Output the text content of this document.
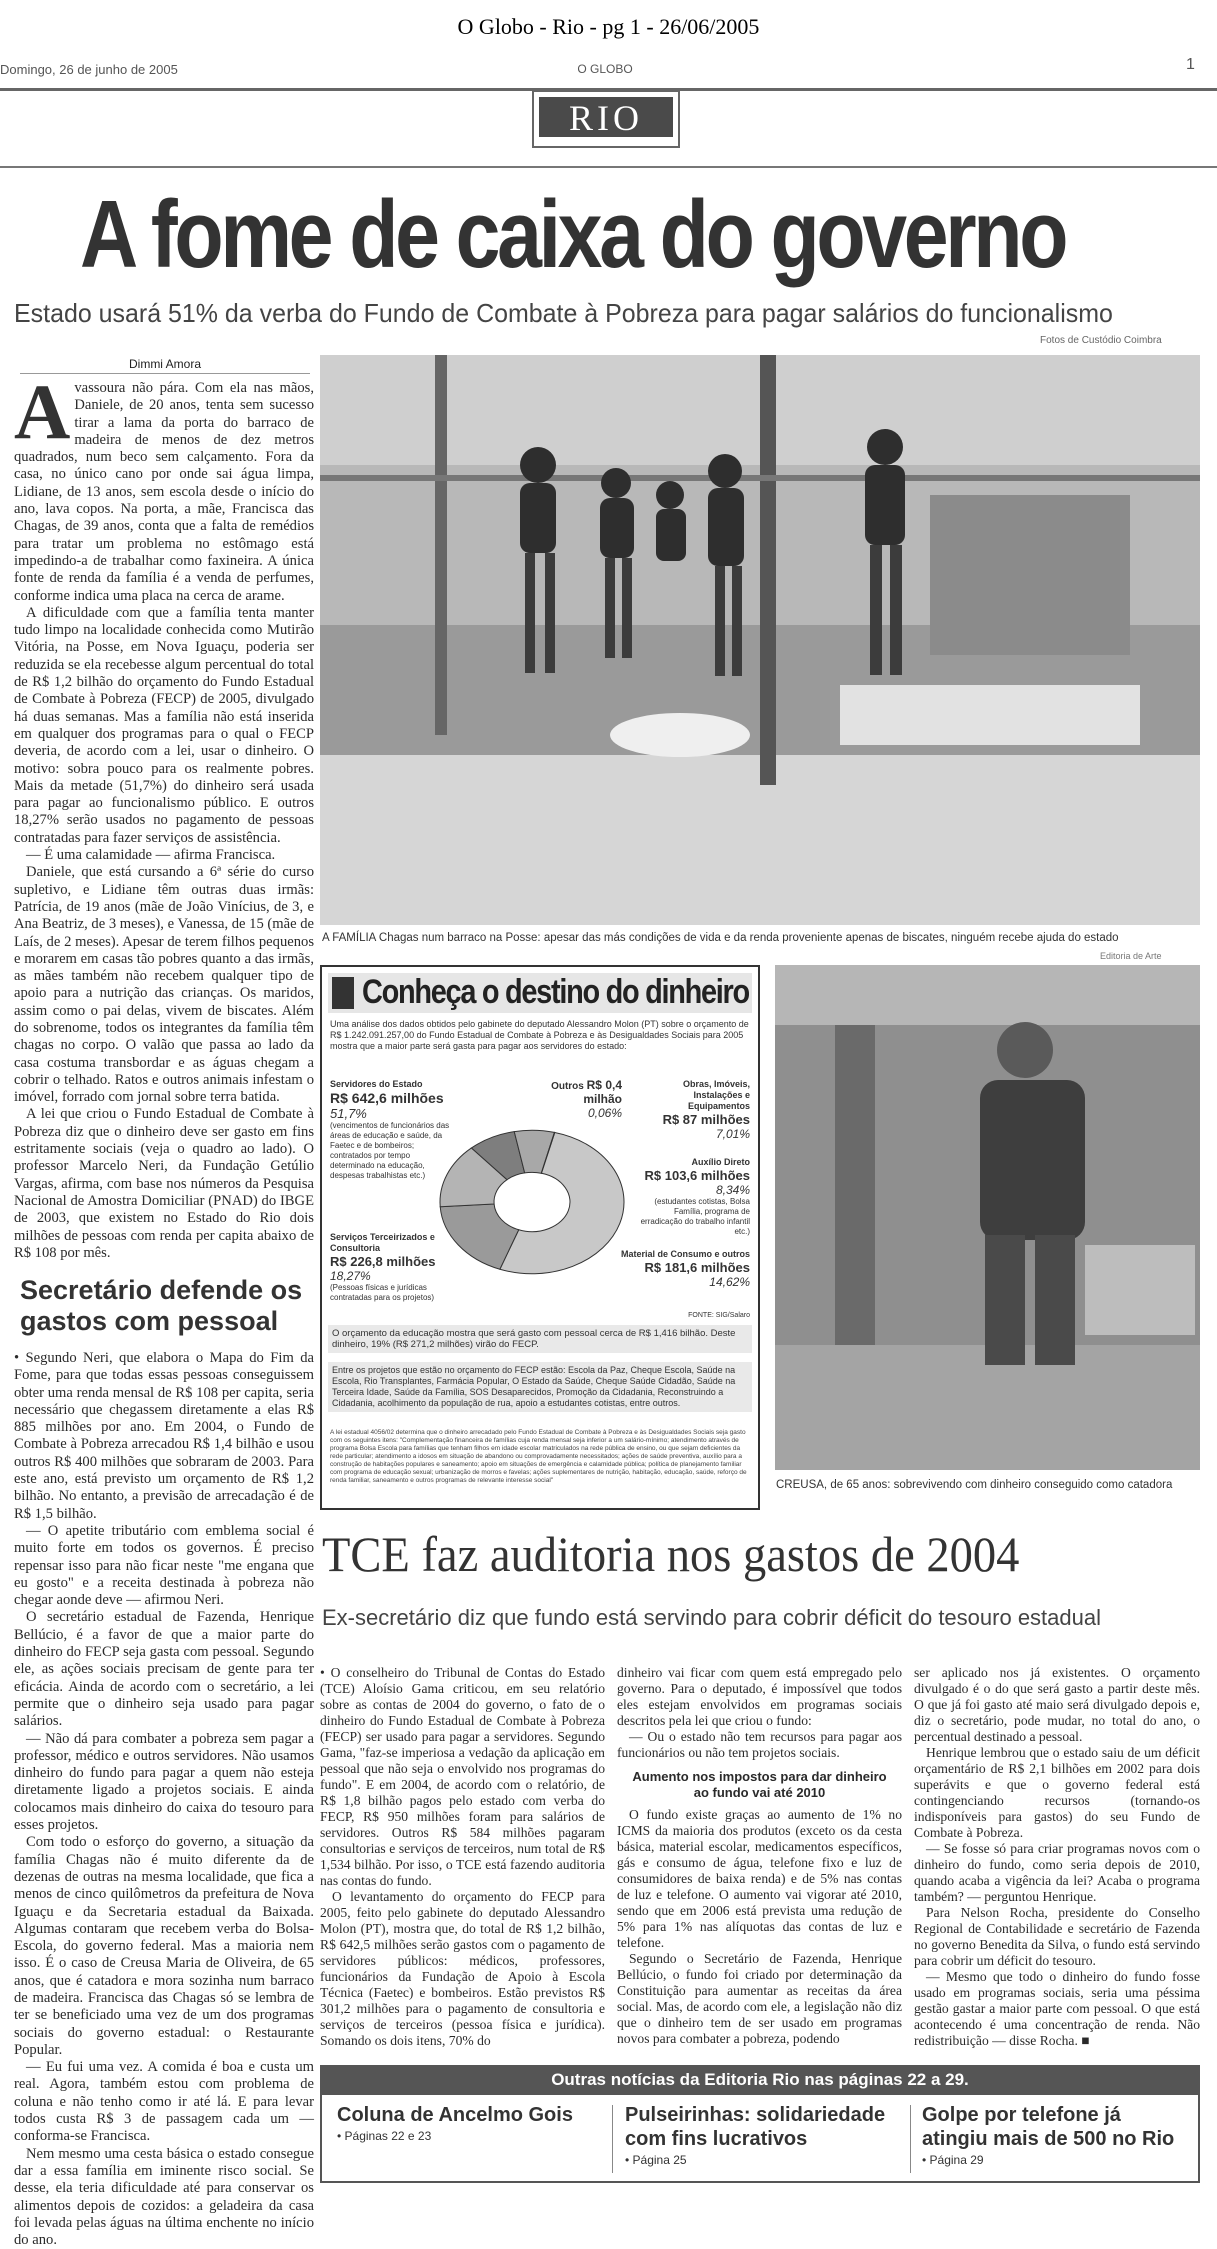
O Globo - Rio - pg 1 - 26/06/2005
Domingo, 26 de junho de 2005	O GLOBO	1
RIO
A fome de caixa do governo
Estado usará 51% da verba do Fundo de Combate à Pobreza para pagar salários do funcionalismo
Fotos de Custódio Coimbra
Dimmi Amora
A vassoura não pára. Com ela nas mãos, Daniele, de 20 anos, tenta sem sucesso tirar a lama da porta do barraco de madeira de menos de dez metros quadrados, num beco sem calçamento. Fora da casa, no único cano por onde sai água limpa, Lidiane, de 13 anos, sem escola desde o início do ano, lava copos. Na porta, a mãe, Francisca das Chagas, de 39 anos, conta que a falta de remédios para tratar um problema no estômago está impedindo-a de trabalhar como faxineira. A única fonte de renda da família é a venda de perfumes, conforme indica uma placa na cerca de arame.

A dificuldade com que a família tenta manter tudo limpo na localidade conhecida como Mutirão Vitória, na Posse, em Nova Iguaçu, poderia ser reduzida se ela recebesse algum percentual do total de R$ 1,2 bilhão do orçamento do Fundo Estadual de Combate à Pobreza (FECP) de 2005, divulgado há duas semanas. Mas a família não está inserida em qualquer dos programas para o qual o FECP deveria, de acordo com a lei, usar o dinheiro. O motivo: sobra pouco para os realmente pobres. Mais da metade (51,7%) do dinheiro será usada para pagar ao funcionalismo público. E outros 18,27% serão usados no pagamento de pessoas contratadas para fazer serviços de assistência.

— É uma calamidade — afirma Francisca.

Daniele, que está cursando a 6ª série do curso supletivo, e Lidiane têm outras duas irmãs: Patrícia, de 19 anos (mãe de João Vinícius, de 3, e Ana Beatriz, de 3 meses), e Vanessa, de 15 (mãe de Laís, de 2 meses). Apesar de terem filhos pequenos e morarem em casas tão pobres quanto a das irmãs, as mães também não recebem qualquer tipo de apoio para a nutrição das crianças. Os maridos, assim como o pai delas, vivem de biscates. Além do sobrenome, todos os integrantes da família têm chagas no corpo. O valão que passa ao lado da casa costuma transbordar e as águas chegam a cobrir o telhado. Ratos e outros animais infestam o imóvel, forrado com jornal sobre terra batida.

A lei que criou o Fundo Estadual de Combate à Pobreza diz que o dinheiro deve ser gasto em fins estritamente sociais (veja o quadro ao lado). O professor Marcelo Neri, da Fundação Getúlio Vargas, afirma, com base nos números da Pesquisa Nacional de Amostra Domiciliar (PNAD) do IBGE de 2003, que existem no Estado do Rio dois milhões de pessoas com renda per capita abaixo de R$ 108 por mês.

Secretário defende os gastos com pessoal

• Segundo Neri, que elabora o Mapa do Fim da Fome, para que todas essas pessoas conseguissem obter uma renda mensal de R$ 108 per capita, seria necessário que chegassem diretamente a elas R$ 885 milhões por ano. Em 2004, o Fundo de Combate à Pobreza arrecadou R$ 1,4 bilhão e usou outros R$ 400 milhões que sobraram de 2003. Para este ano, está previsto um orçamento de R$ 1,2 bilhão. No entanto, a previsão de arrecadação é de R$ 1,5 bilhão.

— O apetite tributário com emblema social é muito forte em todos os governos. É preciso repensar isso para não ficar neste "me engana que eu gosto" e a receita destinada à pobreza não chegar aonde deve — afirmou Neri.

O secretário estadual de Fazenda, Henrique Bellúcio, é a favor de que a maior parte do dinheiro do FECP seja gasta com pessoal. Segundo ele, as ações sociais precisam de gente para ter eficácia. Ainda de acordo com o secretário, a lei permite que o dinheiro seja usado para pagar salários.

— Não dá para combater a pobreza sem pagar a professor, médico e outros servidores. Não usamos dinheiro do fundo para pagar a quem não esteja diretamente ligado a projetos sociais. E ainda colocamos mais dinheiro do caixa do tesouro para esses projetos.

Com todo o esforço do governo, a situação da família Chagas não é muito diferente da de dezenas de outras na mesma localidade, que fica a menos de cinco quilômetros da prefeitura de Nova Iguaçu e da Secretaria estadual da Baixada. Algumas contaram que recebem verba do Bolsa-Escola, do governo federal. Mas a maioria nem isso. É o caso de Creusa Maria de Oliveira, de 65 anos, que é catadora e mora sozinha num barraco de madeira. Francisca das Chagas só se lembra de ter se beneficiado uma vez de um dos programas sociais do governo estadual: o Restaurante Popular.

— Eu fui uma vez. A comida é boa e custa um real. Agora, também estou com problema de coluna e não tenho como ir até lá. E para levar todos custa R$ 3 de passagem cada um — conforma-se Francisca.

Nem mesmo uma cesta básica o estado consegue dar a essa família em iminente risco social. Se desse, ela teria dificuldade até para conservar os alimentos depois de cozidos: a geladeira da casa foi levada pelas águas na última enchente no início do ano.

A FAMÍLIA Chagas num barraco na Posse: apesar das más condições de vida e da renda proveniente apenas de biscates, ninguém recebe ajuda do estado
Conheça o destino do dinheiro
Uma análise dos dados obtidos pelo gabinete do deputado Alessandro Molon (PT) sobre o orçamento de R$ 1.242.091.257,00 do Fundo Estadual de Combate à Pobreza e às Desigualdades Sociais para 2005 mostra que a maior parte será gasta para pagar aos servidores do estado:
Servidores do Estado
R$ 642,6 milhões
51,7%
(vencimentos de funcionários das áreas de educação e saúde, da Faetec e de bombeiros; contratados por tempo determinado na educação, despesas trabalhistas etc.)
Outros R$ 0,4 milhão
0,06%
Obras, Imóveis, Instalações e Equipamentos
R$ 87 milhões
7,01%
Auxílio Direto
R$ 103,6 milhões
8,34%
(estudantes cotistas, Bolsa Família, programa de erradicação do trabalho infantil etc.)
Serviços Terceirizados e Consultoria
R$ 226,8 milhões
18,27%
(Pessoas físicas e jurídicas contratadas para os projetos)
Material de Consumo e outros
R$ 181,6 milhões
14,62%
FONTE: SIG/Salaro
O orçamento da educação mostra que será gasto com pessoal cerca de R$ 1,416 bilhão. Deste dinheiro, 19% (R$ 271,2 milhões) virão do FECP.
Entre os projetos que estão no orçamento do FECP estão: Escola da Paz, Cheque Escola, Saúde na Escola, Rio Transplantes, Farmácia Popular, O Estado da Saúde, Cheque Saúde Cidadão, Saúde na Terceira Idade, Saúde da Família, SOS Desaparecidos, Promoção da Cidadania, Reconstruindo a Cidadania, acolhimento da população de rua, apoio a estudantes cotistas, entre outros.
A lei estadual 4056/02 determina que o dinheiro arrecadado pelo Fundo Estadual de Combate à Pobreza e às Desigualdades Sociais seja gasto com os seguintes itens: "Complementação financeira de famílias cuja renda mensal seja inferior a um salário-mínimo; atendimento através de programa Bolsa Escola para famílias que tenham filhos em idade escolar matriculados na rede pública de ensino, ou que sejam deficientes da rede particular; atendimento a idosos em situação de abandono ou comprovadamente necessitados; ações de saúde preventiva, auxílio para a construção de habitações populares e saneamento; apoio em situações de emergência e calamidade pública; política de planejamento familiar com programa de educação sexual; urbanização de morros e favelas; ações suplementares de nutrição, habitação, educação, saúde, reforço de renda familiar, saneamento e outros programas de relevante interesse social"
Editoria de Arte
CREUSA, de 65 anos: sobrevivendo com dinheiro conseguido como catadora
TCE faz auditoria nos gastos de 2004
Ex-secretário diz que fundo está servindo para cobrir déficit do tesouro estadual

• O conselheiro do Tribunal de Contas do Estado (TCE) Aloísio Gama criticou, em seu relatório sobre as contas de 2004 do governo, o fato de o dinheiro do Fundo Estadual de Combate à Pobreza (FECP) ser usado para pagar a servidores. Segundo Gama, "faz-se imperiosa a vedação da aplicação em pessoal que não seja o envolvido nos programas do fundo". E em 2004, de acordo com o relatório, de R$ 1,8 bilhão pagos pelo estado com verba do FECP, R$ 950 milhões foram para salários de servidores. Outros R$ 584 milhões pagaram consultorias e serviços de terceiros, num total de R$ 1,534 bilhão. Por isso, o TCE está fazendo auditoria nas contas do fundo.

O levantamento do orçamento do FECP para 2005, feito pelo gabinete do deputado Alessandro Molon (PT), mostra que, do total de R$ 1,2 bilhão, R$ 642,5 milhões serão gastos com o pagamento de servidores públicos: médicos, professores, funcionários da Fundação de Apoio à Escola Técnica (Faetec) e bombeiros. Estão previstos R$ 301,2 milhões para o pagamento de consultoria e serviços de terceiros (pessoa física e jurídica). Somando os dois itens, 70% do

dinheiro vai ficar com quem está empregado pelo governo. Para o deputado, é impossível que todos eles estejam envolvidos em programas sociais descritos pela lei que criou o fundo:

— Ou o estado não tem recursos para pagar aos funcionários ou não tem projetos sociais.

Aumento nos impostos para dar dinheiro ao fundo vai até 2010

O fundo existe graças ao aumento de 1% no ICMS da maioria dos produtos (exceto os da cesta básica, material escolar, medicamentos específicos, gás e consumo de água, telefone fixo e luz de consumidores de baixa renda) e de 5% nas contas de luz e telefone. O aumento vai vigorar até 2010, sendo que em 2006 está prevista uma redução de 5% para 1% nas alíquotas das contas de luz e telefone.

Segundo o Secretário de Fazenda, Henrique Bellúcio, o fundo foi criado por determinação da Constituição para aumentar as receitas da área social. Mas, de acordo com ele, a legislação não diz que o dinheiro tem de ser usado em programas novos para combater a pobreza, podendo

ser aplicado nos já existentes. O orçamento divulgado é o do que será gasto a partir deste mês. O que já foi gasto até maio será divulgado depois e, diz o secretário, pode mudar, no total do ano, o percentual destinado a pessoal.

Henrique lembrou que o estado saiu de um déficit orçamentário de R$ 2,1 bilhões em 2002 para dois superávits e que o governo federal está contingenciando recursos (tornando-os indisponíveis para gastos) do seu Fundo de Combate à Pobreza.

— Se fosse só para criar programas novos com o dinheiro do fundo, como seria depois de 2010, quando acaba a vigência da lei? Acaba o programa também? — perguntou Henrique.

Para Nelson Rocha, presidente do Conselho Regional de Contabilidade e secretário de Fazenda no governo Benedita da Silva, o fundo está servindo para cobrir um déficit do tesouro.

— Mesmo que todo o dinheiro do fundo fosse usado em programas sociais, seria uma péssima gestão gastar a maior parte com pessoal. O que está acontecendo é uma concentração de renda. Não redistribuição — disse Rocha. ■

Outras notícias da Editoria Rio nas páginas 22 a 29.
Coluna de Ancelmo Gois
• Páginas 22 e 23
Pulseirinhas: solidariedade com fins lucrativos
• Página 25
Golpe por telefone já atingiu mais de 500 no Rio
• Página 29
